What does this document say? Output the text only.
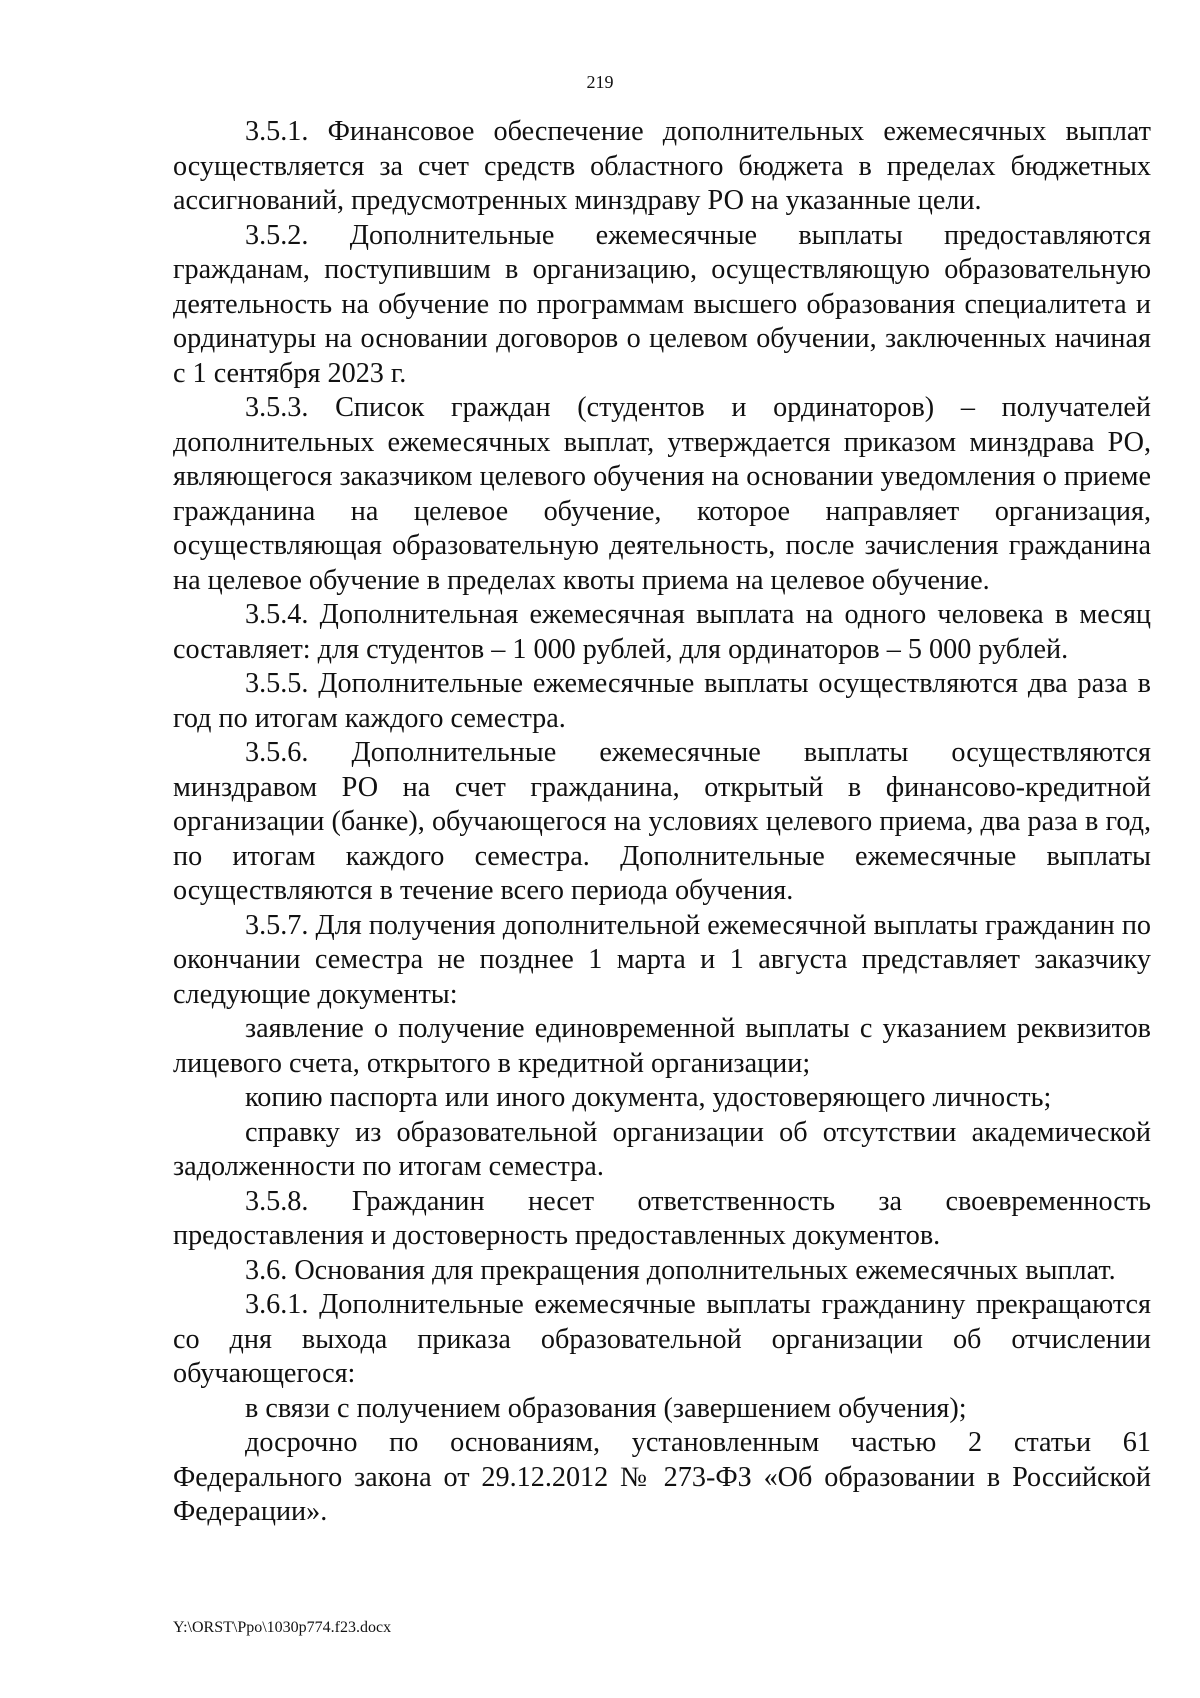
219

3.5.1. Финансовое обеспечение дополнительных ежемесячных выплат осуществляется за счет средств областного бюджета в пределах бюджетных ассигнований, предусмотренных минздраву РО на указанные цели.

3.5.2. Дополнительные ежемесячные выплаты предоставляются гражданам, поступившим в организацию, осуществляющую образовательную деятельность на обучение по программам высшего образования специалитета и ординатуры на основании договоров о целевом обучении, заключенных начиная с 1 сентября 2023 г.

3.5.3. Список граждан (студентов и ординаторов) – получателей дополнительных ежемесячных выплат, утверждается приказом минздрава РО, являющегося заказчиком целевого обучения на основании уведомления о приеме гражданина на целевое обучение, которое направляет организация, осуществляющая образовательную деятельность, после зачисления гражданина на целевое обучение в пределах квоты приема на целевое обучение.

3.5.4. Дополнительная ежемесячная выплата на одного человека в месяц составляет: для студентов – 1 000 рублей, для ординаторов – 5 000 рублей.

3.5.5. Дополнительные ежемесячные выплаты осуществляются два раза в год по итогам каждого семестра.

3.5.6. Дополнительные ежемесячные выплаты осуществляются минздравом РО на счет гражданина, открытый в финансово-кредитной организации (банке), обучающегося на условиях целевого приема, два раза в год, по итогам каждого семестра. Дополнительные ежемесячные выплаты осуществляются в течение всего периода обучения.

3.5.7. Для получения дополнительной ежемесячной выплаты гражданин по окончании семестра не позднее 1 марта и 1 августа представляет заказчику следующие документы:

заявление о получение единовременной выплаты с указанием реквизитов лицевого счета, открытого в кредитной организации;

копию паспорта или иного документа, удостоверяющего личность;

справку из образовательной организации об отсутствии академической задолженности по итогам семестра.

3.5.8. Гражданин несет ответственность за своевременность предоставления и достоверность предоставленных документов.

3.6. Основания для прекращения дополнительных ежемесячных выплат.

3.6.1. Дополнительные ежемесячные выплаты гражданину прекращаются со дня выхода приказа образовательной организации об отчислении обучающегося:

в связи с получением образования (завершением обучения);

досрочно по основаниям, установленным частью 2 статьи 61 Федерального закона от 29.12.2012 № 273-ФЗ «Об образовании в Российской Федерации».

Y:\ORST\Ppo\1030p774.f23.docx
